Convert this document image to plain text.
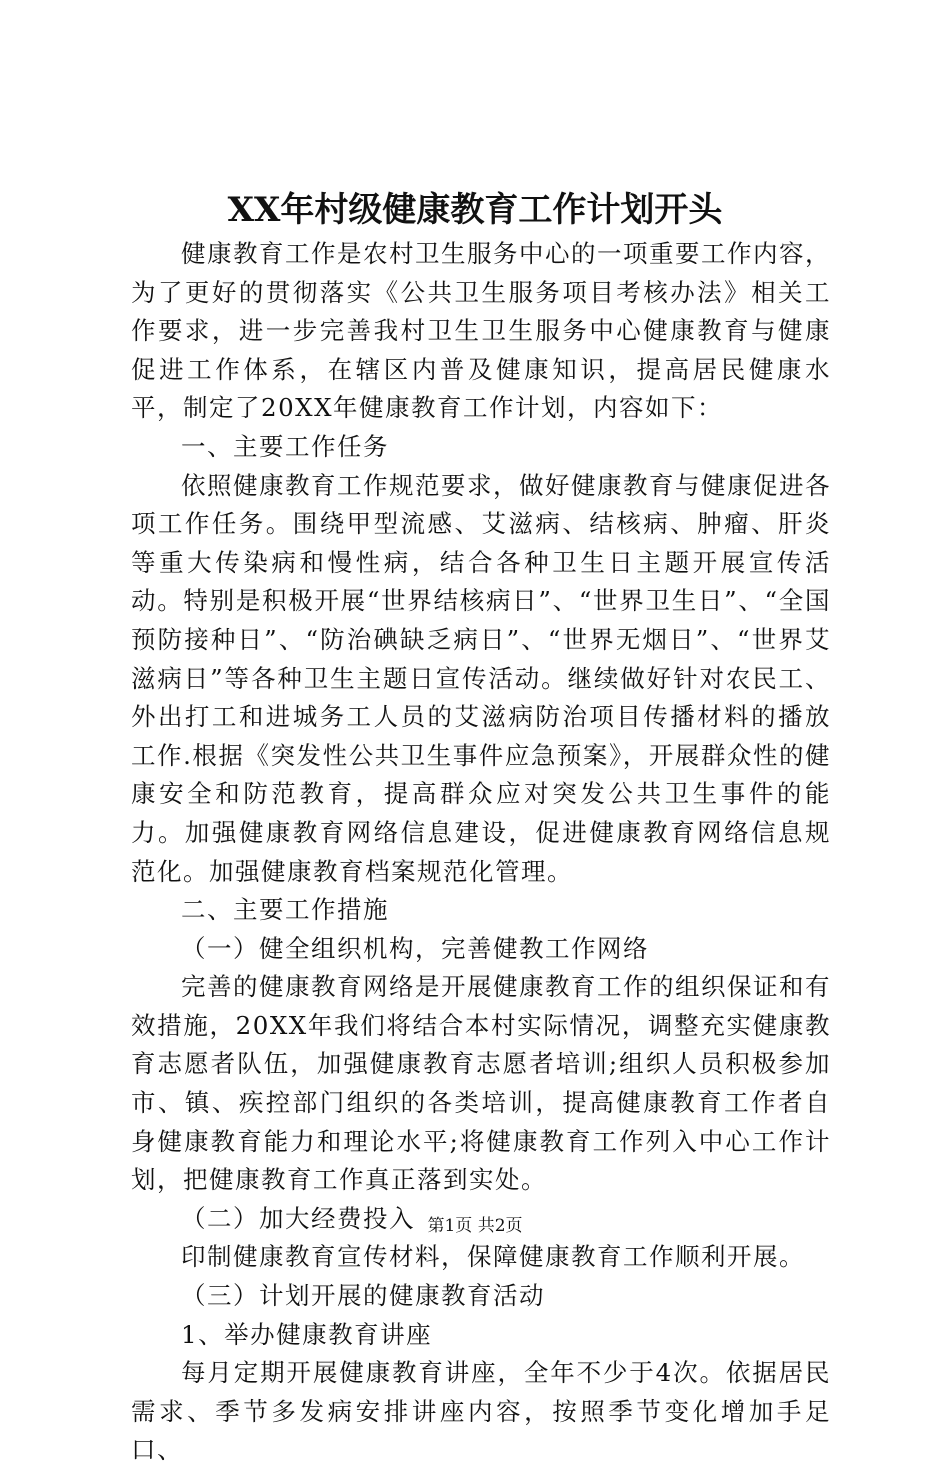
XX年村级健康教育工作计划开头

健康教育工作是农村卫生服务中心的一项重要工作内容，为了更好的贯彻落实《公共卫生服务项目考核办法》相关工作要求，进一步完善我村卫生卫生服务中心健康教育与健康促进工作体系，在辖区内普及健康知识，提高居民健康水平，制定了20XX年健康教育工作计划，内容如下：

一、主要工作任务

依照健康教育工作规范要求，做好健康教育与健康促进各项工作任务。围绕甲型流感、艾滋病、结核病、肿瘤、肝炎等重大传染病和慢性病，结合各种卫生日主题开展宣传活动。特别是积极开展“世界结核病日”、“世界卫生日”、“全国预防接种日”、“防治碘缺乏病日”、“世界无烟日”、“世界艾滋病日”等各种卫生主题日宣传活动。继续做好针对农民工、外出打工和进城务工人员的艾滋病防治项目传播材料的播放工作.根据《突发性公共卫生事件应急预案》，开展群众性的健康安全和防范教育，提高群众应对突发公共卫生事件的能力。加强健康教育网络信息建设，促进健康教育网络信息规范化。加强健康教育档案规范化管理。

二、主要工作措施

（一）健全组织机构，完善健教工作网络

完善的健康教育网络是开展健康教育工作的组织保证和有效措施，20XX年我们将结合本村实际情况，调整充实健康教育志愿者队伍，加强健康教育志愿者培训;组织人员积极参加市、镇、疾控部门组织的各类培训，提高健康教育工作者自身健康教育能力和理论水平;将健康教育工作列入中心工作计划，把健康教育工作真正落到实处。

（二）加大经费投入

印制健康教育宣传材料，保障健康教育工作顺利开展。

（三）计划开展的健康教育活动

1、举办健康教育讲座

每月定期开展健康教育讲座，全年不少于4次。依据居民需求、季节多发病安排讲座内容，按照季节变化增加手足口、

第1页 共2页
